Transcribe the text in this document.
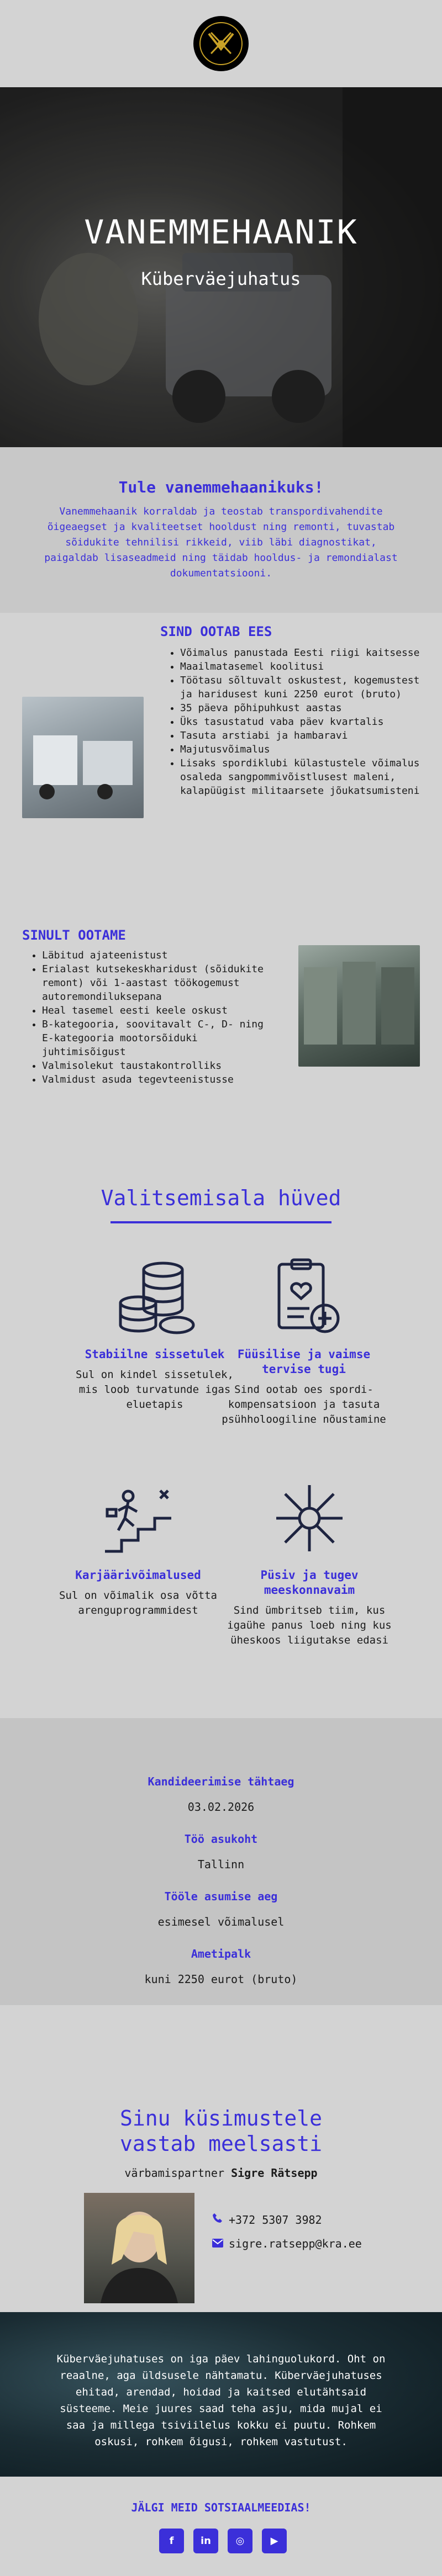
VANEMMEHAANIK
Küberväejuhatus
Tule vanemmehaanikuks!
Vanemmehaanik korraldab ja teostab transpordivahendite õigeaegset ja kvaliteetset hooldust ning remonti, tuvastab sõidukite tehnilisi rikkeid, viib läbi diagnostikat, paigaldab lisaseadmeid ning täidab hooldus- ja remondialast dokumentatsiooni.
SIND OOTAB EES
• Võimalus panustada Eesti riigi kaitsesse
• Maailmatasemel koolitusi
• Töötasu sõltuvalt oskustest, kogemustest ja haridusest kuni 2250 eurot (bruto)
• 35 päeva põhipuhkust aastas
• Üks tasustatud vaba päev kvartalis
• Tasuta arstiabi ja hambaravi
• Majutusvõimalus
• Lisaks spordiklubi külastustele võimalus osaleda sangpommivõistlusest maleni, kalapüügist militaarsete jõukatsumisteni
SINULT OOTAME
• Läbitud ajateenistust
• Erialast kutsekeskharidust (sõidukite remont) või 1-aastast töökogemust autoremondiluksepana
• Heal tasemel eesti keele oskust
• B-kategooria, soovitavalt C-, D- ning E-kategooria mootorsõiduki juhtimisõigust
• Valmisolekut taustakontrolliks
• Valmidust asuda tegevteenistusse
Valitsemisala hüved
Stabiilne sissetulek
Sul on kindel sissetulek, mis loob turvatunde igas eluetapis
Füüsilise ja vaimse tervise tugi
Sind ootab oes spordi- kompensatsioon ja tasuta psühholoogiline nõustamine
Karjäärivõimalused
Sul on võimalik osa võtta arenguprogrammidest
Püsiv ja tugev meeskonnavaim
Sind ümbritseb tiim, kus igaühe panus loeb ning kus üheskoos liigutakse edasi
Kandideerimise tähtaeg
03.02.2026
Töö asukoht
Tallinn
Tööle asumise aeg
esimesel võimalusel
Ametipalk
kuni 2250 eurot (bruto)
Sinu küsimustele vastab meelsasti
värbamispartner Sigre Rätsepp
+372 5307 3982
sigre.ratsepp@kra.ee
Küberväejuhatuses on iga päev lahinguolukord. Oht on reaalne, aga üldsusele nähtamatu. Küberväejuhatuses ehitad, arendad, hoidad ja kaitsed elutähtsaid süsteeme. Meie juures saad teha asju, mida mujal ei saa ja millega tsiviilelus kokku ei puutu. Rohkem oskusi, rohkem õigusi, rohkem vastutust.
JÄLGI MEID SOTSIAALMEEDIAS!
f	in	◎	▶
